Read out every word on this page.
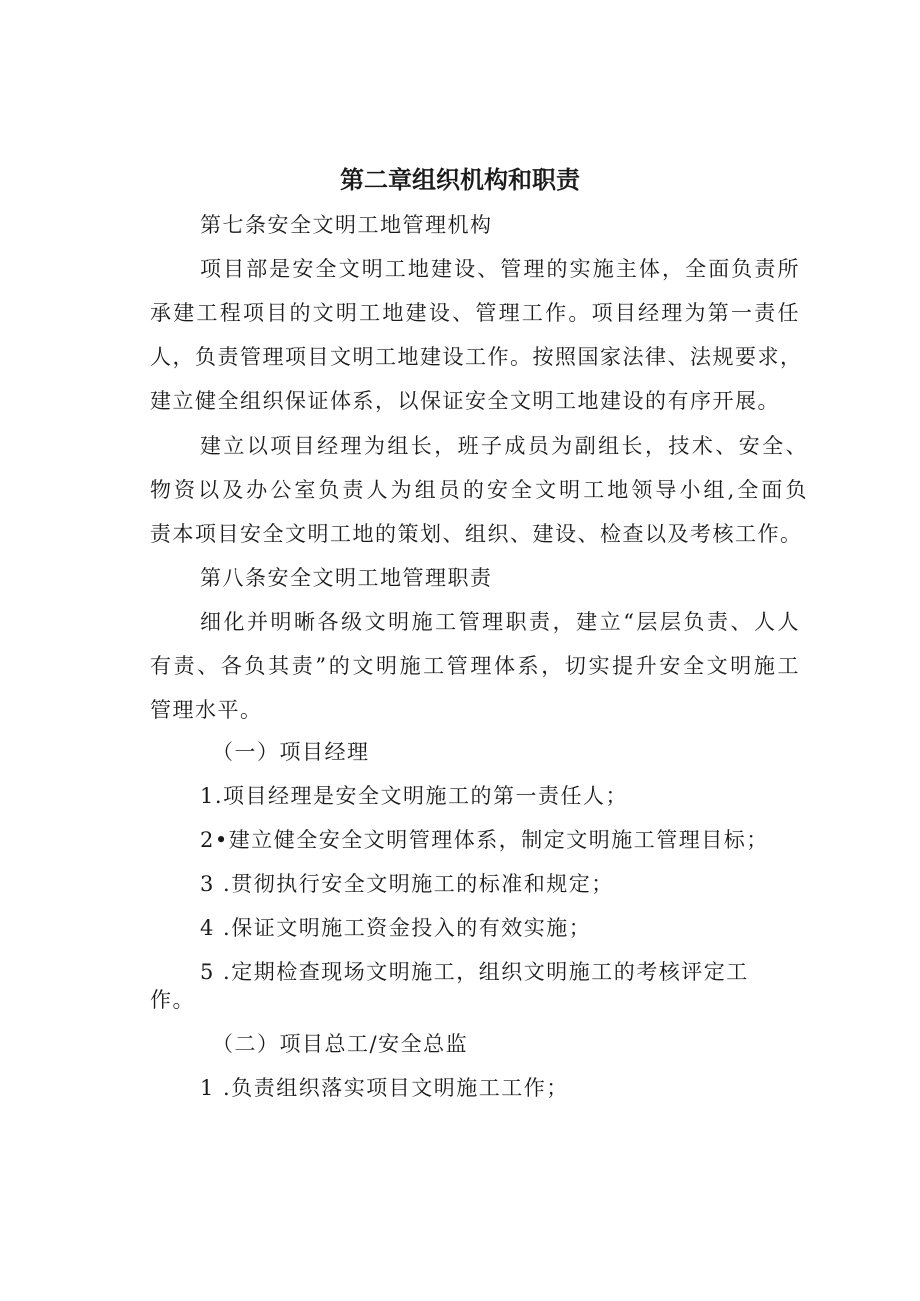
第二章组织机构和职责
第七条安全文明工地管理机构
项目部是安全文明工地建设、管理的实施主体，全面负责所
承建工程项目的文明工地建设、管理工作。项目经理为第一责任
人，负责管理项目文明工地建设工作。按照国家法律、法规要求，
建立健全组织保证体系，以保证安全文明工地建设的有序开展。
建立以项目经理为组长，班子成员为副组长，技术、安全、
物资以及办公室负责人为组员的安全文明工地领导小组,全面负
责本项目安全文明工地的策划、组织、建设、检查以及考核工作。
第八条安全文明工地管理职责
细化并明晰各级文明施工管理职责，建立“层层负责、人人
有责、各负其责”的文明施工管理体系，切实提升安全文明施工
管理水平。
（一）项目经理
1.项目经理是安全文明施工的第一责任人；
2•建立健全安全文明管理体系，制定文明施工管理目标；
3 .贯彻执行安全文明施工的标准和规定；
4 .保证文明施工资金投入的有效实施；
5 .定期检查现场文明施工，组织文明施工的考核评定工
作。
（二）项目总工/安全总监
1 .负责组织落实项目文明施工工作；
